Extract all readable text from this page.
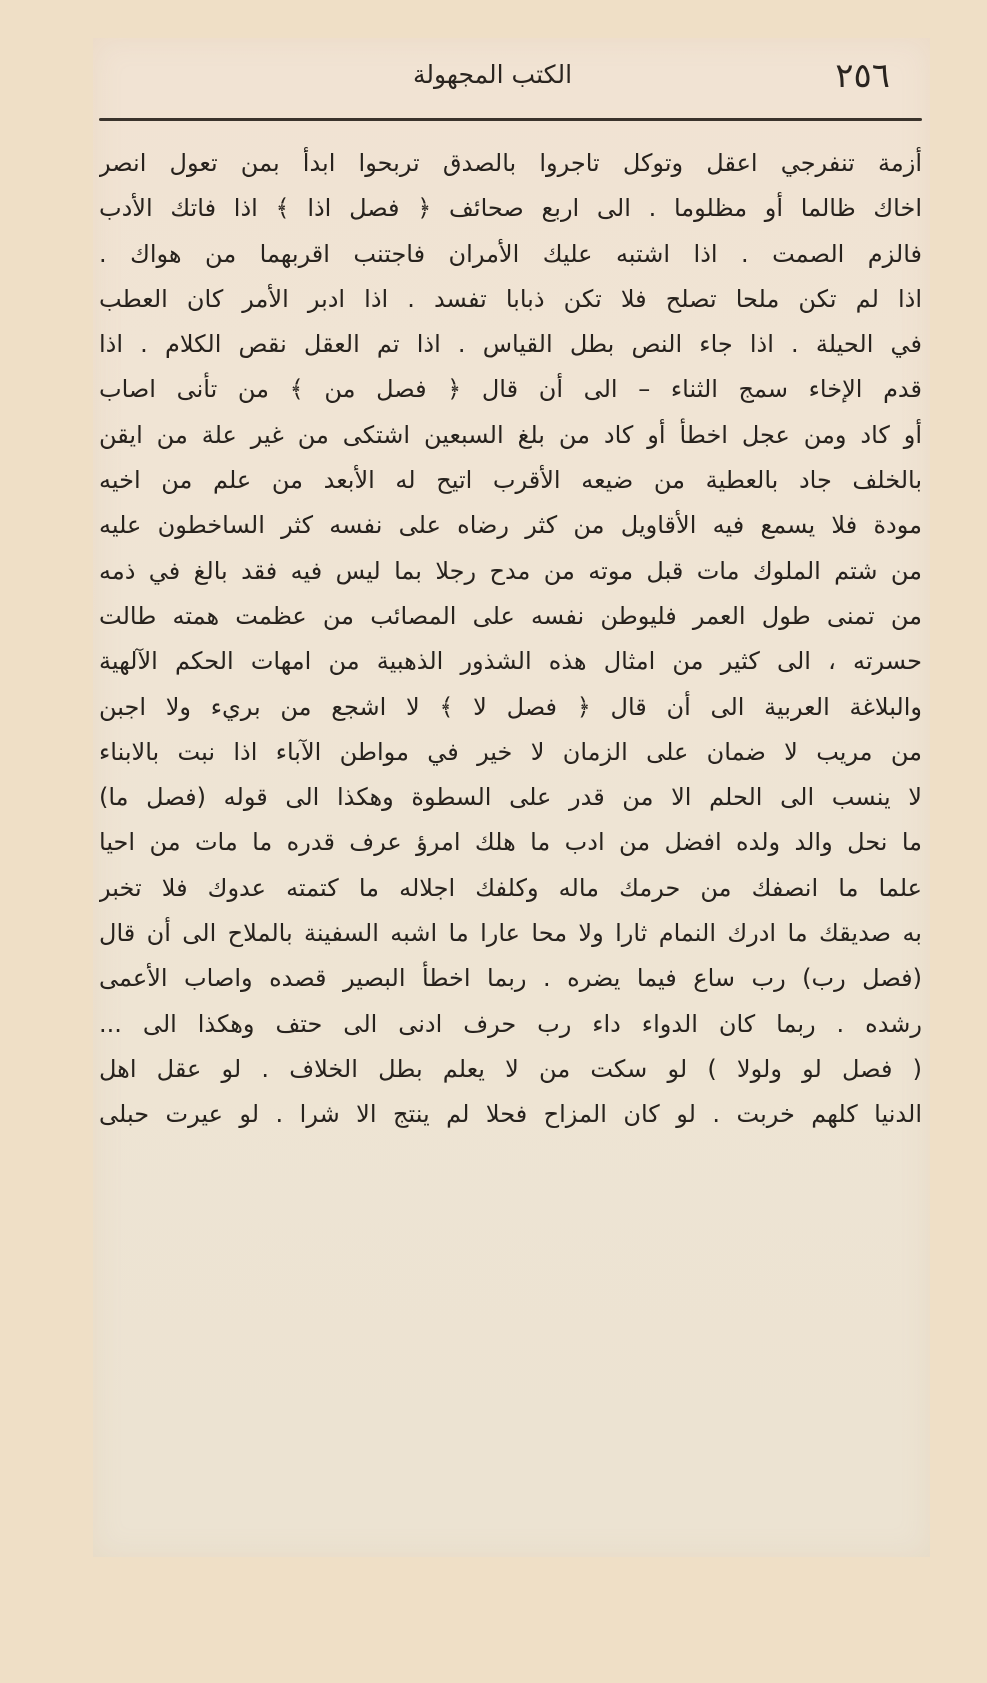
٢٥٦
الكتب المجهولة
أزمة تنفرجي اعقل وتوكل تاجروا بالصدق تربحوا ابدأ بمن تعول انصر
اخاك ظالما أو مظلوما . الى اربع صحائف ﴿ فصل اذا ﴾ اذا فاتك الأدب
فالزم الصمت . اذا اشتبه عليك الأمران فاجتنب اقربهما من هواك .
اذا لم تكن ملحا تصلح فلا تكن ذبابا تفسد . اذا ادبر الأمر كان العطب
في الحيلة . اذا جاء النص بطل القياس . اذا تم العقل نقص الكلام . اذا
قدم الإخاء سمج الثناء – الى أن قال ﴿ فصل من ﴾ من تأنى اصاب
أو كاد ومن عجل اخطأ أو كاد من بلغ السبعين اشتكى من غير علة من ايقن
بالخلف جاد بالعطية من ضيعه الأقرب اتيح له الأبعد من علم من اخيه
مودة فلا يسمع فيه الأقاويل من كثر رضاه على نفسه كثر الساخطون عليه
من شتم الملوك مات قبل موته من مدح رجلا بما ليس فيه فقد بالغ في ذمه
من تمنى طول العمر فليوطن نفسه على المصائب من عظمت همته طالت
حسرته ، الى كثير من امثال هذه الشذور الذهبية من امهات الحكم الآلهية
والبلاغة العربية الى أن قال ﴿ فصل لا ﴾ لا اشجع من بريء ولا اجبن
من مريب لا ضمان على الزمان لا خير في مواطن الآباء اذا نبت بالابناء
لا ينسب الى الحلم الا من قدر على السطوة وهكذا الى قوله (فصل ما)
ما نحل والد ولده افضل من ادب ما هلك امرؤ عرف قدره ما مات من احيا
علما ما انصفك من حرمك ماله وكلفك اجلاله ما كتمته عدوك فلا تخبر
به صديقك ما ادرك النمام ثارا ولا محا عارا ما اشبه السفينة بالملاح الى أن قال
(فصل رب) رب ساع فيما يضره . ربما اخطأ البصير قصده واصاب الأعمى
رشده . ربما كان الدواء داء رب حرف ادنى الى حتف وهكذا الى ...
( فصل لو ولولا ) لو سكت من لا يعلم بطل الخلاف . لو عقل اهل
الدنيا كلهم خربت . لو كان المزاح فحلا لم ينتج الا شرا . لو عيرت حبلى
